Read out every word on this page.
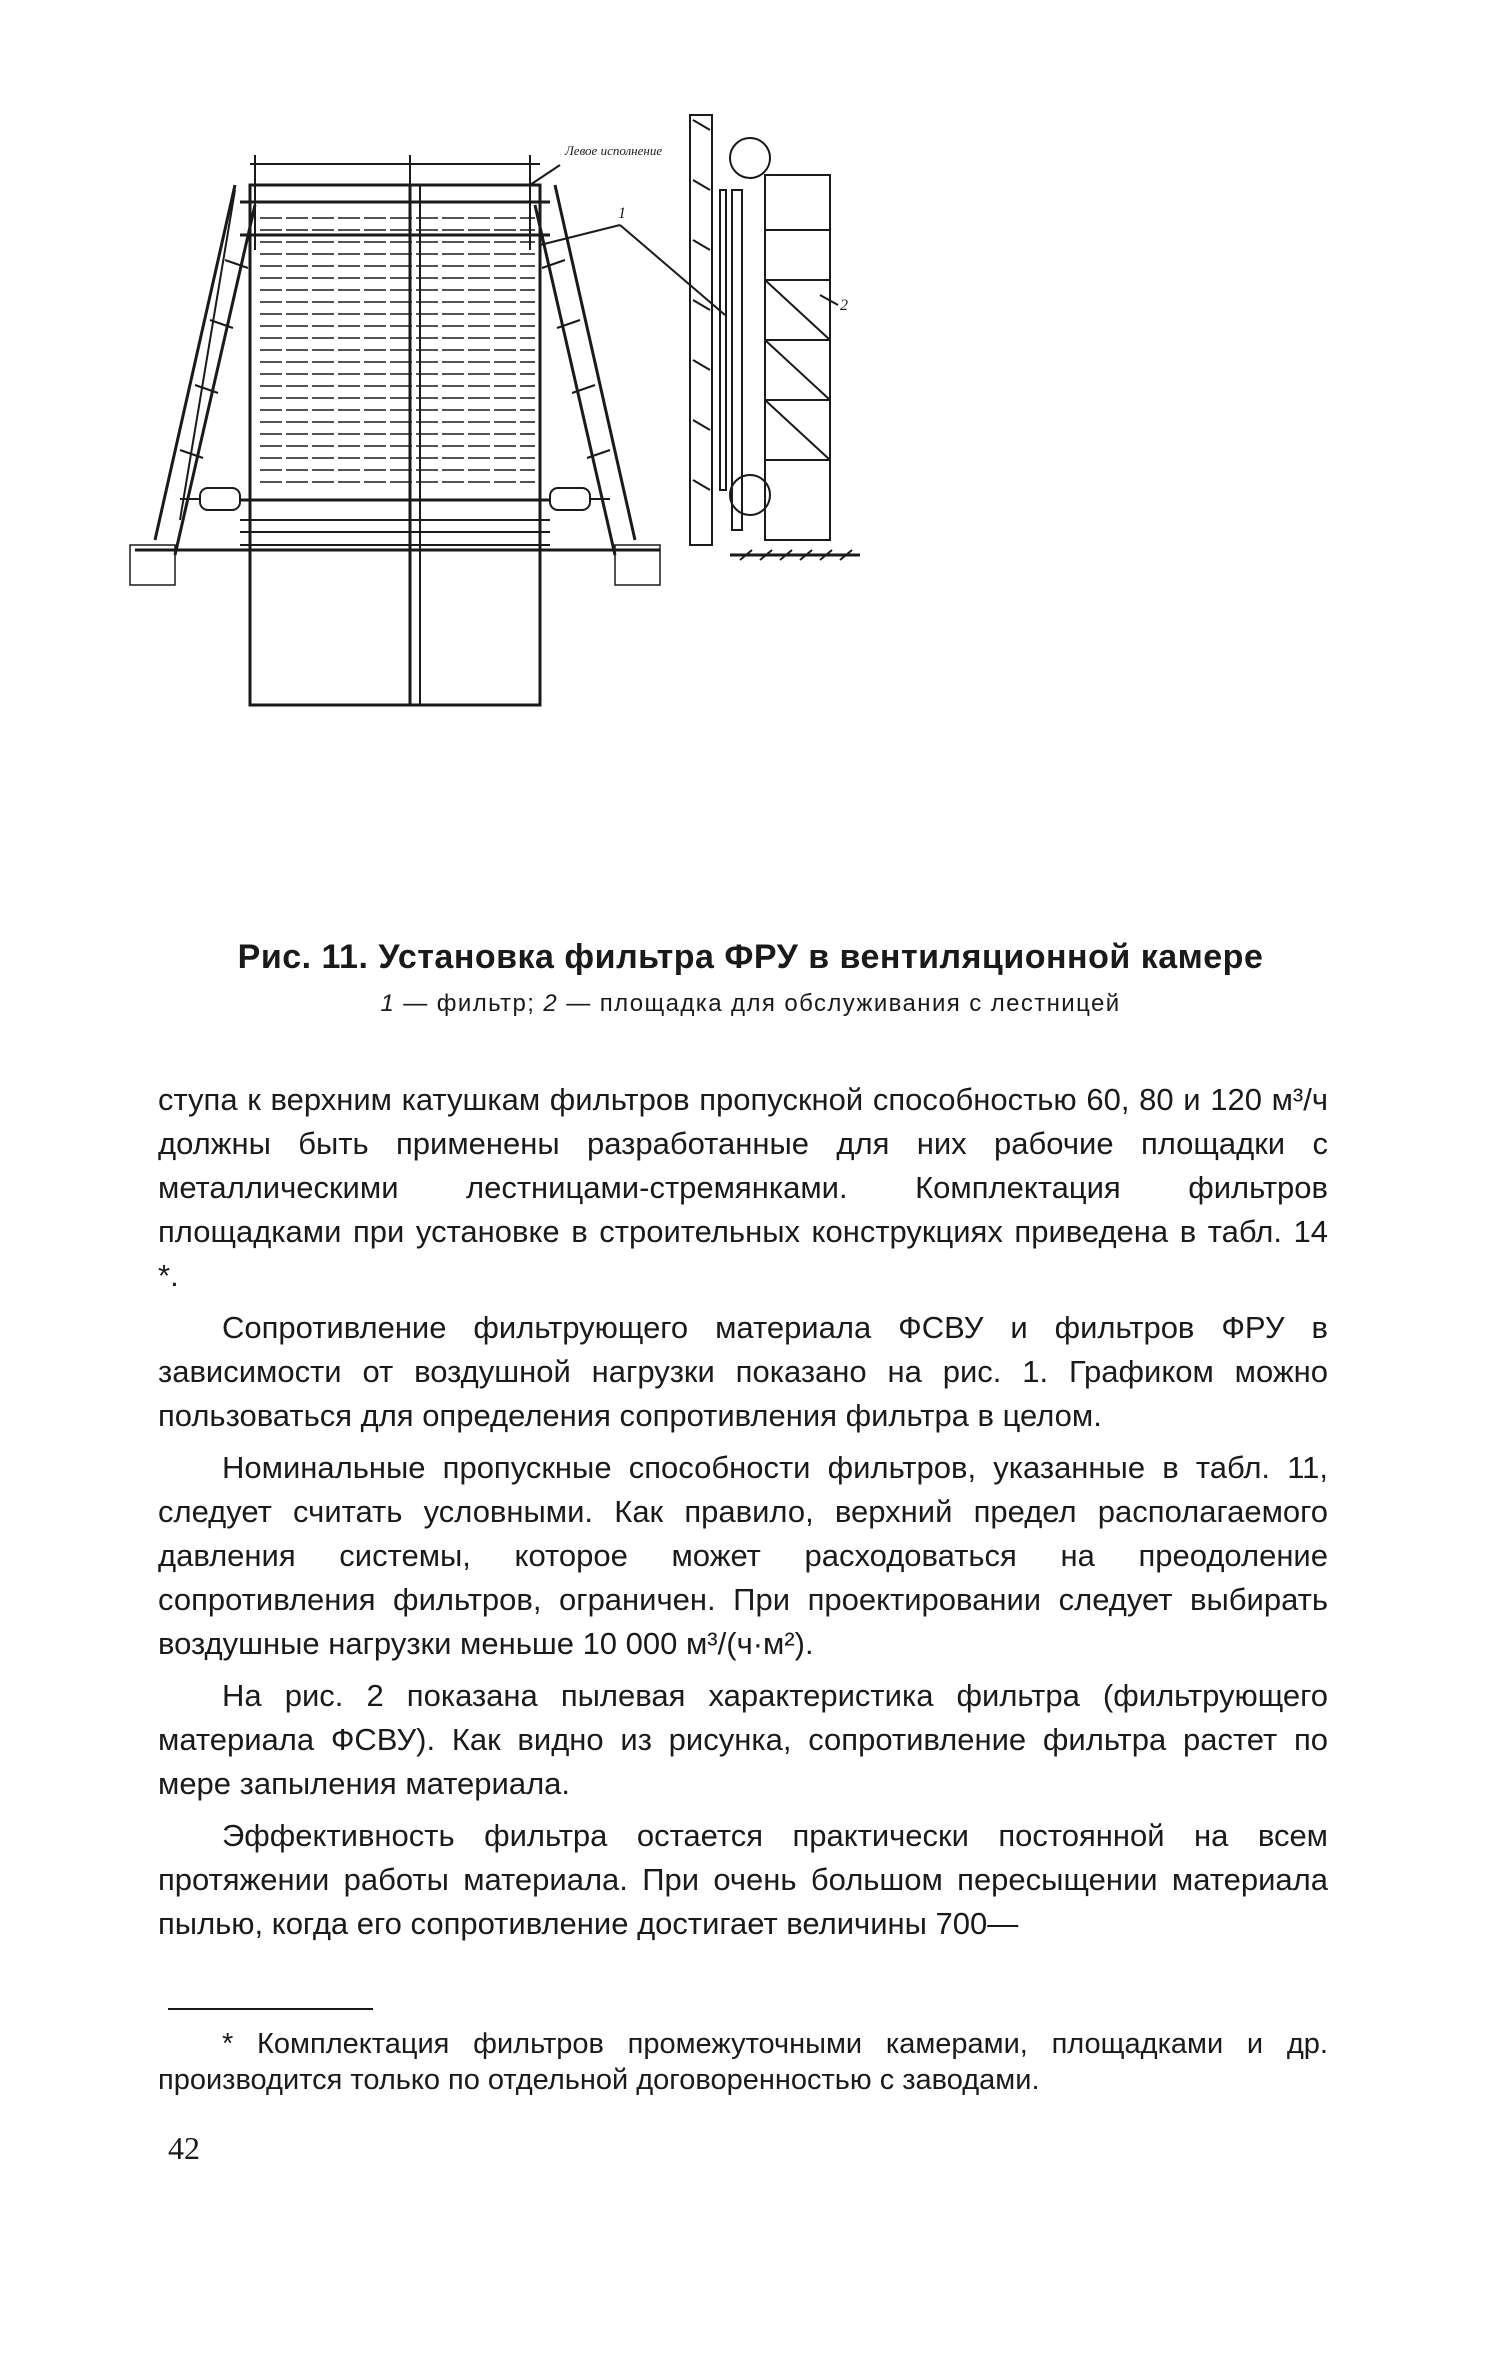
Левое исполнение
1
2
Рис. 11. Установка фильтра ФРУ в вентиляционной камере
1 — фильтр; 2 — площадка для обслуживания с лестницей

ступа к верхним катушкам фильтров пропускной способностью 60, 80 и 120 м³/ч должны быть применены разработанные для них рабочие площадки с металлическими лестницами-стремянками. Комплектация фильтров площадками при установке в строительных конструкциях приведена в табл. 14 *.

Сопротивление фильтрующего материала ФСВУ и фильтров ФРУ в зависимости от воздушной нагрузки показано на рис. 1. Графиком можно пользоваться для определения сопротивления фильтра в целом.

Номинальные пропускные способности фильтров, указанные в табл. 11, следует считать условными. Как правило, верхний предел располагаемого давления системы, которое может расходоваться на преодоление сопротивления фильтров, ограничен. При проектировании следует выбирать воздушные нагрузки меньше 10 000 м³/(ч·м²).

На рис. 2 показана пылевая характеристика фильтра (фильтрующего материала ФСВУ). Как видно из рисунка, сопротивление фильтра растет по мере запыления материала.

Эффективность фильтра остается практически постоянной на всем протяжении работы материала. При очень большом пересыщении материала пылью, когда его сопротивление достигает величины 700—

* Комплектация фильтров промежуточными камерами, площадками и др. производится только по отдельной договоренностью с заводами.
42
